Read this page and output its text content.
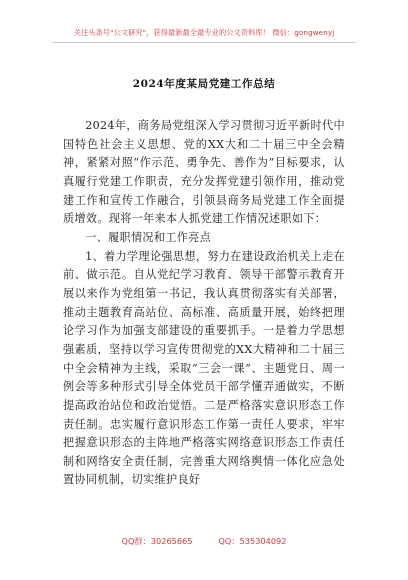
关注头条号"公文研究"，获得最新最全最专业的公文资料库！ 微信：gongwenyj
2024年度某局党建工作总结

2024年，商务局党组深入学习贯彻习近平新时代中国特色社会主义思想、党的XX大和二十届三中全会精神，紧紧对照“作示范、勇争先、善作为”目标要求，认真履行党建工作职责，充分发挥党建引领作用，推动党建工作和宣传工作融合，引领县商务局党建工作全面提质增效。现将一年来本人抓党建工作情况述职如下：

一、履职情况和工作亮点

1、着力学理论强思想，努力在建设政治机关上走在前、做示范。自从党纪学习教育、领导干部警示教育开展以来作为党组第一书记，我认真贯彻落实有关部署，推动主题教育高站位、高标准、高质量开展，始终把理论学习作为加强支部建设的重要抓手。一是着力学思想强素质，坚持以学习宣传贯彻党的XX大精神和二十届三中全会精神为主线，采取“三会一课”、主题党日、周一例会等多种形式引导全体党员干部学懂弄通做实，不断提高政治站位和政治觉悟。二是严格落实意识形态工作责任制。忠实履行意识形态工作第一责任人要求，牢牢把握意识形态的主阵地严格落实网络意识形态工作责任制和网络安全责任制，完善重大网络舆情一体化应急处置协同机制，切实维护良好

QQ群：30265665	QQ：535304092
